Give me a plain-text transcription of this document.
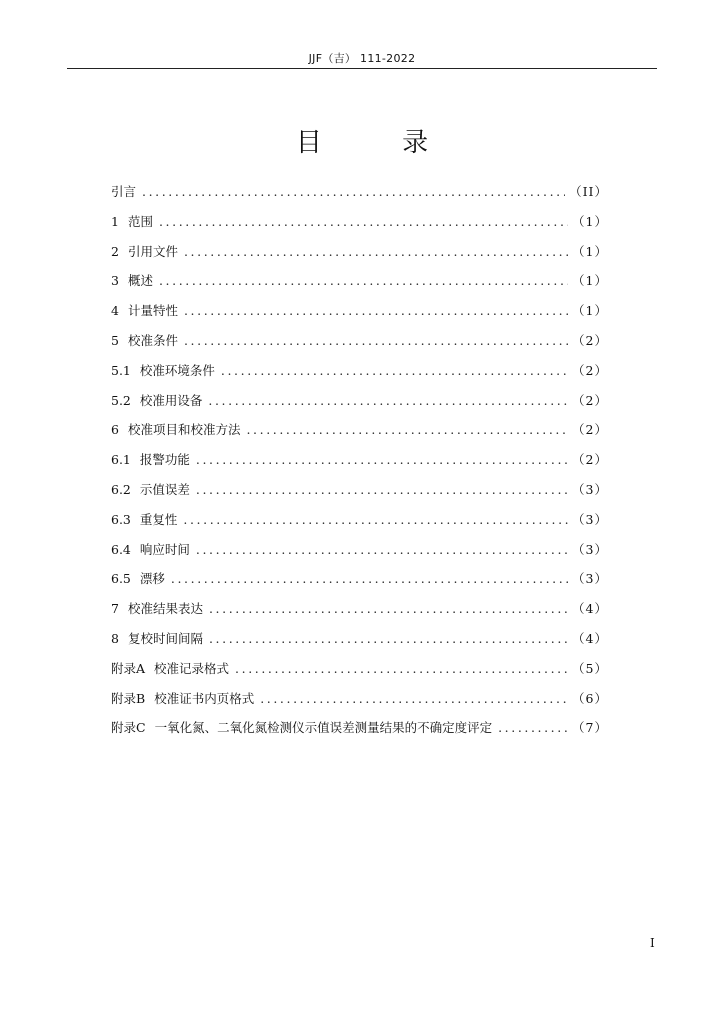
JJF（吉） 111-2022
目 录
引言 .....	（II）
1 范围 .....	（1）
2 引用文件 .....	（1）
3 概述 .....	（1）
4 计量特性 .....	（1）
5 校准条件 .....	（2）
5.1 校准环境条件 .....	（2）
5.2 校准用设备 .....	（2）
6 校准项目和校准方法 .....	（2）
6.1 报警功能 .....	（2）
6.2 示值误差 .....	（3）
6.3 重复性 .....	（3）
6.4 响应时间 .....	（3）
6.5 漂移 .....	（3）
7 校准结果表达 .....	（4）
8 复校时间间隔 .....	（4）
附录A 校准记录格式 .....	（5）
附录B 校准证书内页格式 .....	（6）
附录C 一氧化氮、二氧化氮检测仪示值误差测量结果的不确定度评定 .....	（7）
I
